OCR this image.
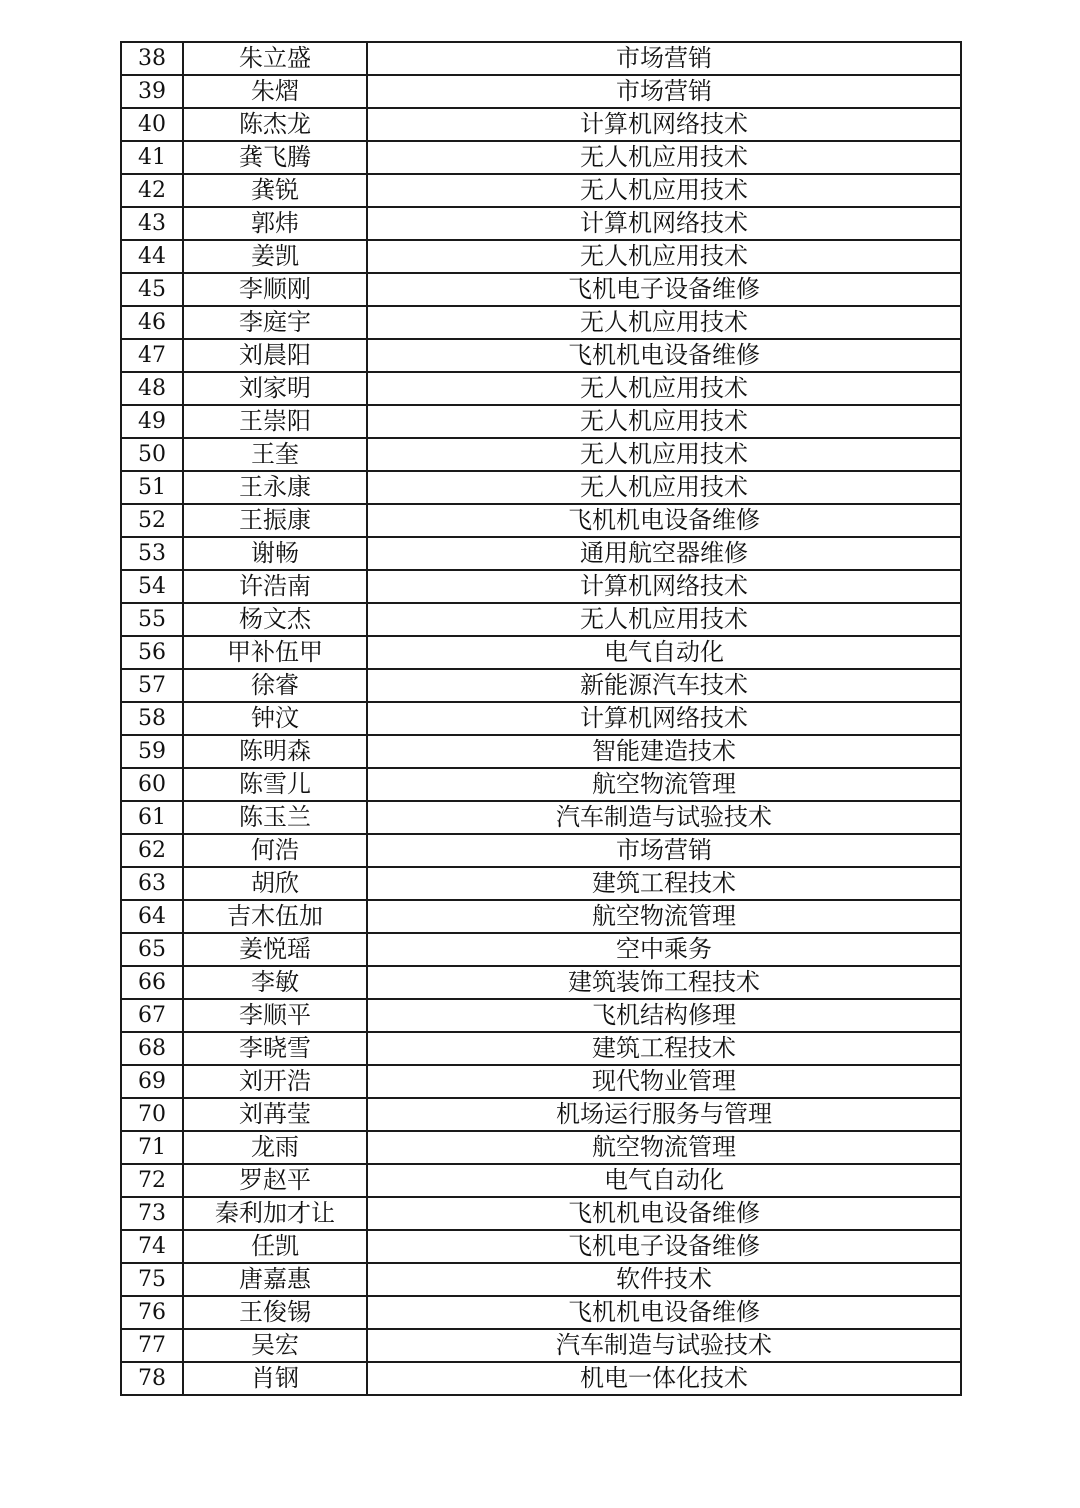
38	朱立盛	市场营销
39	朱熠	市场营销
40	陈杰龙	计算机网络技术
41	龚飞腾	无人机应用技术
42	龚锐	无人机应用技术
43	郭炜	计算机网络技术
44	姜凯	无人机应用技术
45	李顺刚	飞机电子设备维修
46	李庭宇	无人机应用技术
47	刘晨阳	飞机机电设备维修
48	刘家明	无人机应用技术
49	王崇阳	无人机应用技术
50	王奎	无人机应用技术
51	王永康	无人机应用技术
52	王振康	飞机机电设备维修
53	谢畅	通用航空器维修
54	许浩南	计算机网络技术
55	杨文杰	无人机应用技术
56	甲补伍甲	电气自动化
57	徐睿	新能源汽车技术
58	钟汶	计算机网络技术
59	陈明森	智能建造技术
60	陈雪儿	航空物流管理
61	陈玉兰	汽车制造与试验技术
62	何浩	市场营销
63	胡欣	建筑工程技术
64	吉木伍加	航空物流管理
65	姜悦瑶	空中乘务
66	李敏	建筑装饰工程技术
67	李顺平	飞机结构修理
68	李晓雪	建筑工程技术
69	刘开浩	现代物业管理
70	刘苒莹	机场运行服务与管理
71	龙雨	航空物流管理
72	罗赵平	电气自动化
73	秦利加才让	飞机机电设备维修
74	任凯	飞机电子设备维修
75	唐嘉惠	软件技术
76	王俊锡	飞机机电设备维修
77	吴宏	汽车制造与试验技术
78	肖钢	机电一体化技术
